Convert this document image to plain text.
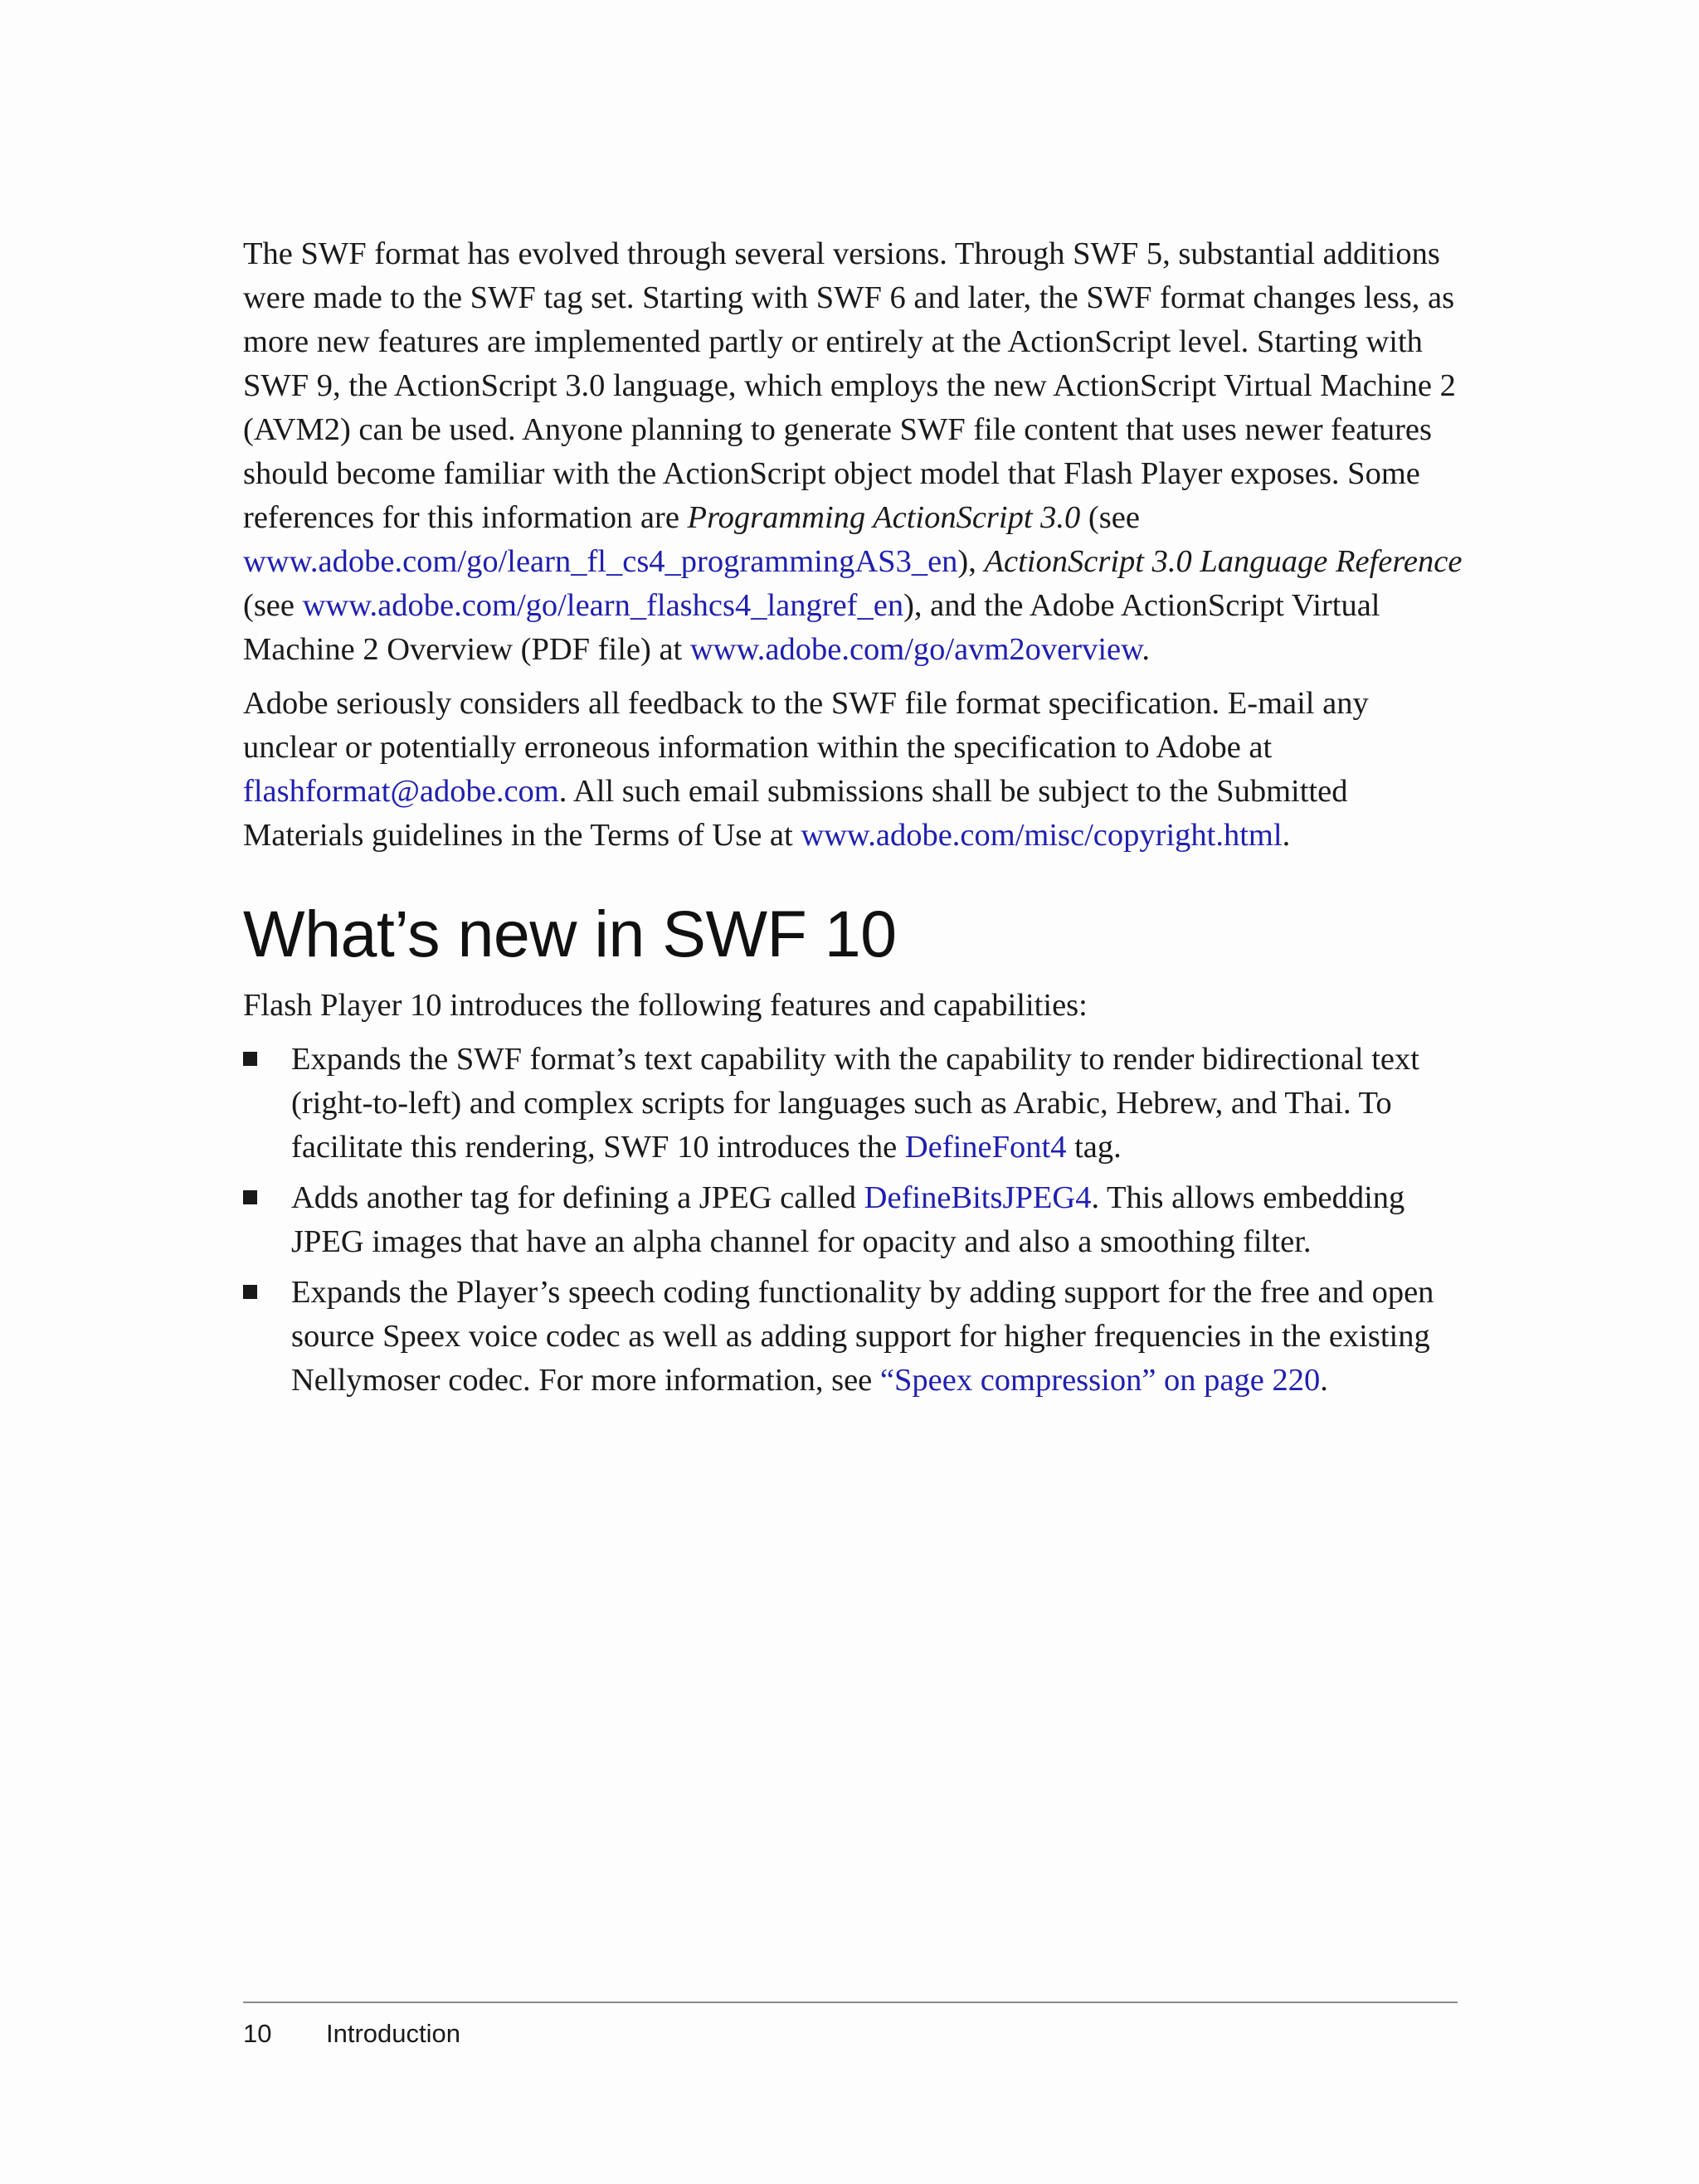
The SWF format has evolved through several versions. Through SWF 5, substantial additions were made to the SWF tag set. Starting with SWF 6 and later, the SWF format changes less, as more new features are implemented partly or entirely at the ActionScript level. Starting with SWF 9, the ActionScript 3.0 language, which employs the new ActionScript Virtual Machine 2 (AVM2) can be used. Anyone planning to generate SWF file content that uses newer features should become familiar with the ActionScript object model that Flash Player exposes. Some references for this information are Programming ActionScript 3.0 (see www.adobe.com/go/learn_fl_cs4_programmingAS3_en), ActionScript 3.0 Language Reference (see www.adobe.com/go/learn_flashcs4_langref_en), and the Adobe ActionScript Virtual Machine 2 Overview (PDF file) at www.adobe.com/go/avm2overview.

Adobe seriously considers all feedback to the SWF file format specification. E-mail any unclear or potentially erroneous information within the specification to Adobe at flashformat@adobe.com. All such email submissions shall be subject to the Submitted Materials guidelines in the Terms of Use at www.adobe.com/misc/copyright.html.

What’s new in SWF 10

Flash Player 10 introduces the following features and capabilities:

Expands the SWF format’s text capability with the capability to render bidirectional text (right-to-left) and complex scripts for languages such as Arabic, Hebrew, and Thai. To facilitate this rendering, SWF 10 introduces the DefineFont4 tag.
Adds another tag for defining a JPEG called DefineBitsJPEG4. This allows embedding JPEG images that have an alpha channel for opacity and also a smoothing filter.
Expands the Player’s speech coding functionality by adding support for the free and open source Speex voice codec as well as adding support for higher frequencies in the existing Nellymoser codec. For more information, see “Speex compression” on page 220.
10 Introduction
